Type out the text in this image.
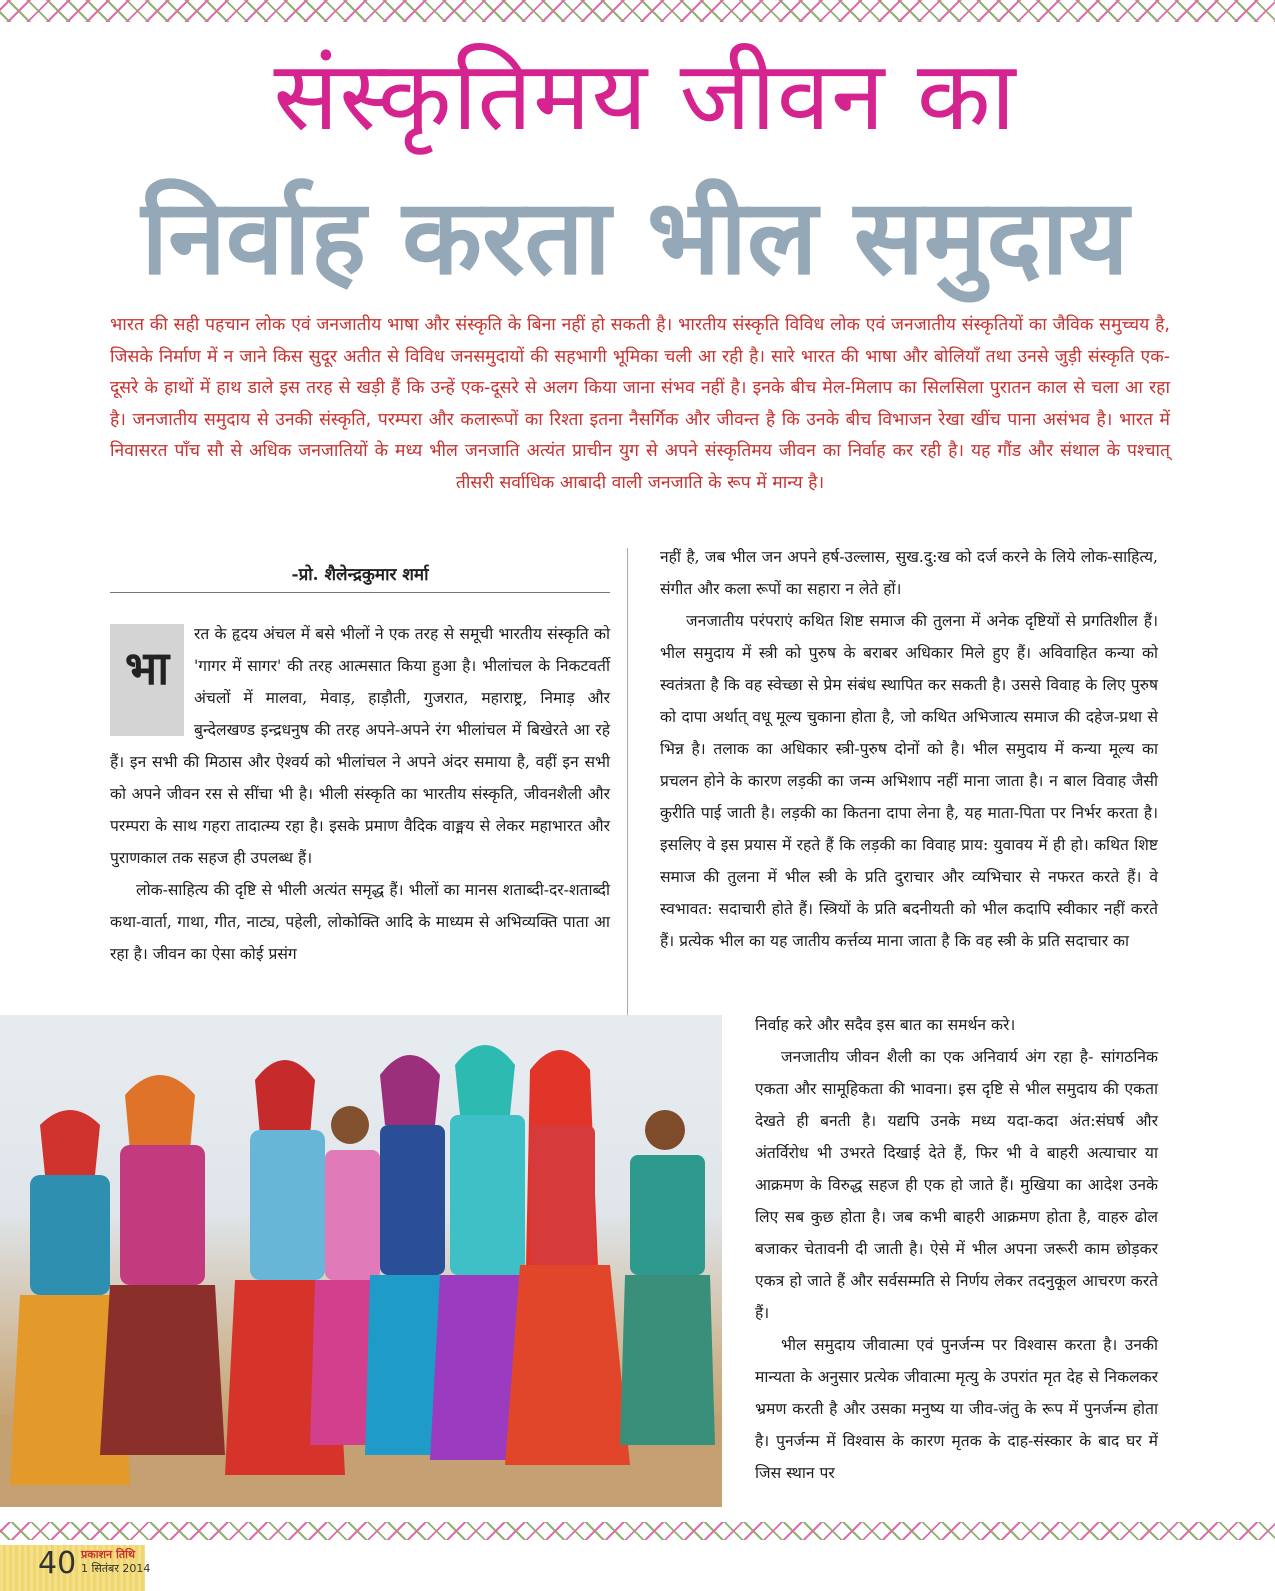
संस्कृतिमय जीवन का
निर्वाह करता भील समुदाय
भारत की सही पहचान लोक एवं जनजातीय भाषा और संस्कृति के बिना नहीं हो सकती है। भारतीय संस्कृति विविध लोक एवं जनजातीय संस्कृतियों का जैविक समुच्चय है, जिसके निर्माण में न जाने किस सुदूर अतीत से विविध जनसमुदायों की सहभागी भूमिका चली आ रही है। सारे भारत की भाषा और बोलियाँ तथा उनसे जुड़ी संस्कृति एक-दूसरे के हाथों में हाथ डाले इस तरह से खड़ी हैं कि उन्हें एक-दूसरे से अलग किया जाना संभव नहीं है। इनके बीच मेल-मिलाप का सिलसिला पुरातन काल से चला आ रहा है। जनजातीय समुदाय से उनकी संस्कृति, परम्परा और कलारूपों का रिश्ता इतना नैसर्गिक और जीवन्त है कि उनके बीच विभाजन रेखा खींच पाना असंभव है। भारत में निवासरत पाँच सौ से अधिक जनजातियों के मध्य भील जनजाति अत्यंत प्राचीन युग से अपने संस्कृतिमय जीवन का निर्वाह कर रही है। यह गौंड और संथाल के पश्चात् तीसरी सर्वाधिक आबादी वाली जनजाति के रूप में मान्य है।
-प्रो. शैलेन्द्रकुमार शर्मा

रत के हृदय अंचल में बसे भीलों ने एक तरह से समूची भारतीय संस्कृति को 'गागर में सागर' की तरह आत्मसात किया हुआ है। भीलांचल के निकटवर्ती अंचलों में मालवा, मेवाड़, हाड़ौती, गुजरात, महाराष्ट्र, निमाड़ और बुन्देलखण्ड इन्द्रधनुष की तरह अपने-अपने रंग भीलांचल में बिखेरते आ रहे हैं। इन सभी की मिठास और ऐश्वर्य को भीलांचल ने अपने अंदर समाया है, वहीं इन सभी को अपने जीवन रस से सींचा भी है। भीली संस्कृति का भारतीय संस्कृति, जीवनशैली और परम्परा के साथ गहरा तादात्म्य रहा है। इसके प्रमाण वैदिक वाङ्मय से लेकर महाभारत और पुराणकाल तक सहज ही उपलब्ध हैं।

लोक-साहित्य की दृष्टि से भीली अत्यंत समृद्ध हैं। भीलों का मानस शताब्दी-दर-शताब्दी कथा-वार्ता, गाथा, गीत, नाट्य, पहेली, लोकोक्ति आदि के माध्यम से अभिव्यक्ति पाता आ रहा है। जीवन का ऐसा कोई प्रसंग

भा

नहीं है, जब भील जन अपने हर्ष-उल्लास, सुख.दु:ख को दर्ज करने के लिये लोक-साहित्य, संगीत और कला रूपों का सहारा न लेते हों।

जनजातीय परंपराएं कथित शिष्ट समाज की तुलना में अनेक दृष्टियों से प्रगतिशील हैं। भील समुदाय में स्त्री को पुरुष के बराबर अधिकार मिले हुए हैं। अविवाहित कन्या को स्वतंत्रता है कि वह स्वेच्छा से प्रेम संबंध स्थापित कर सकती है। उससे विवाह के लिए पुरुष को दापा अर्थात् वधू मूल्य चुकाना होता है, जो कथित अभिजात्य समाज की दहेज-प्रथा से भिन्न है। तलाक का अधिकार स्त्री-पुरुष दोनों को है। भील समुदाय में कन्या मूल्य का प्रचलन होने के कारण लड़की का जन्म अभिशाप नहीं माना जाता है। न बाल विवाह जैसी कुरीति पाई जाती है। लड़की का कितना दापा लेना है, यह माता-पिता पर निर्भर करता है। इसलिए वे इस प्रयास में रहते हैं कि लड़की का विवाह प्राय: युवावय में ही हो। कथित शिष्ट समाज की तुलना में भील स्त्री के प्रति दुराचार और व्यभिचार से नफरत करते हैं। वे स्वभावत: सदाचारी होते हैं। स्त्रियों के प्रति बदनीयती को भील कदापि स्वीकार नहीं करते हैं। प्रत्येक भील का यह जातीय कर्त्तव्य माना जाता है कि वह स्त्री के प्रति सदाचार का

निर्वाह करे और सदैव इस बात का समर्थन करे।

जनजातीय जीवन शैली का एक अनिवार्य अंग रहा है- सांगठनिक एकता और सामूहिकता की भावना। इस दृष्टि से भील समुदाय की एकता देखते ही बनती है। यद्यपि उनके मध्य यदा-कदा अंत:संघर्ष और अंतर्विरोध भी उभरते दिखाई देते हैं, फिर भी वे बाहरी अत्याचार या आक्रमण के विरुद्ध सहज ही एक हो जाते हैं। मुखिया का आदेश उनके लिए सब कुछ होता है। जब कभी बाहरी आक्रमण होता है, वाहरु ढोल बजाकर चेतावनी दी जाती है। ऐसे में भील अपना जरूरी काम छोड़कर एकत्र हो जाते हैं और सर्वसम्मति से निर्णय लेकर तदनुकूल आचरण करते हैं।

भील समुदाय जीवात्मा एवं पुनर्जन्म पर विश्वास करता है। उनकी मान्यता के अनुसार प्रत्येक जीवात्मा मृत्यु के उपरांत मृत देह से निकलकर भ्रमण करती है और उसका मनुष्य या जीव-जंतु के रूप में पुनर्जन्म होता है। पुनर्जन्म में विश्वास के कारण मृतक के दाह-संस्कार के बाद घर में जिस स्थान पर

40 प्रकाशन तिथि
1 सितंबर 2014
